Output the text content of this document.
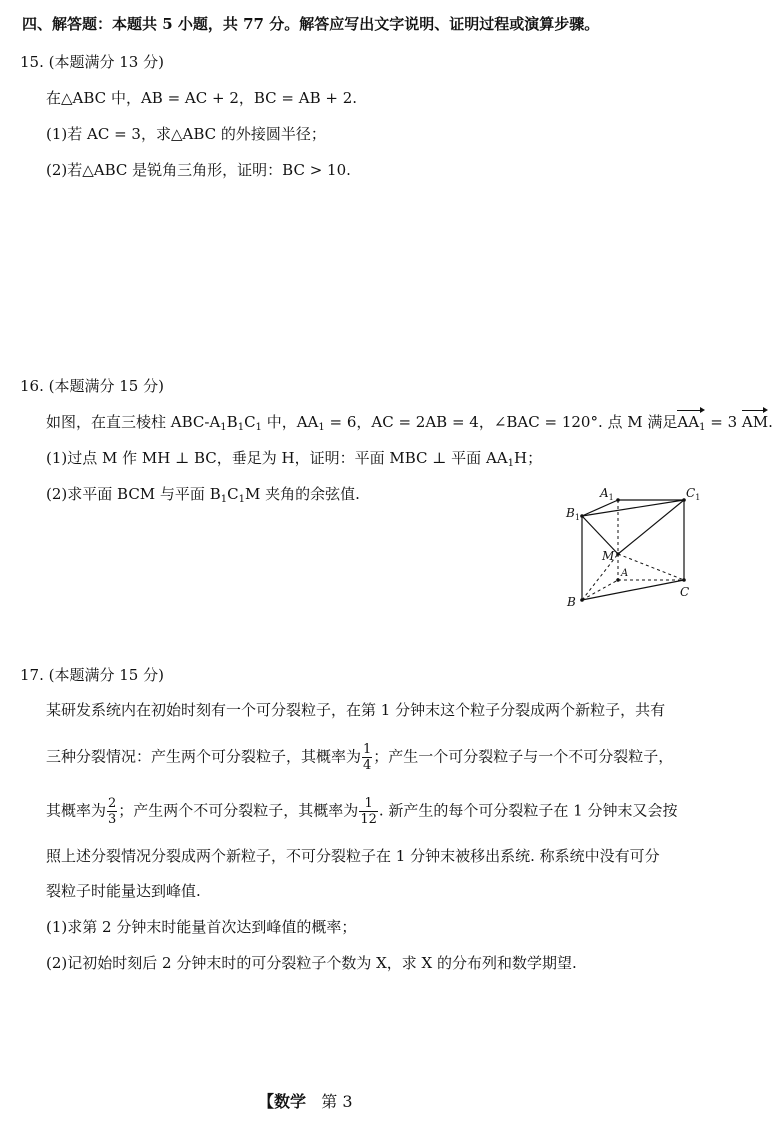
四、解答题：本题共 5 小题，共 77 分。解答应写出文字说明、证明过程或演算步骤。
15. (本题满分 13 分)
在△ABC 中，AB = AC + 2，BC = AB + 2.
(1)若 AC = 3，求△ABC 的外接圆半径；
(2)若△ABC 是锐角三角形，证明：BC > 10.
16. (本题满分 15 分)
如图，在直三棱柱 ABC-$A_1B_1C_1$ 中，$AA_1 = 6$，AC = 2AB = 4，∠BAC = 120°. 点 M 满足$AA_1 = 3$ AM.
(1)过点 M 作 MH ⊥ BC，垂足为 H，证明：平面 MBC ⊥ 平面 $AA_1H$；
(2)求平面 BCM 与平面 $B_1C_1M$ 夹角的余弦值.	$A_1$	$C_1$
$B_1$
M
A
B
C
17. (本题满分 15 分)
某研发系统内在初始时刻有一个可分裂粒子，在第 1 分钟末这个粒子分裂成两个新粒子，共有
三种分裂情况：产生两个可分裂粒子，其概率为 $\frac{1}{4}$ ；产生一个可分裂粒子与一个不可分裂粒子，
其概率为 $\frac{2}{3}$ ；产生两个不可分裂粒子，其概率为 $\frac{1}{12}$ . 新产生的每个可分裂粒子在 1 分钟末又会按
照上述分裂情况分裂成两个新粒子，不可分裂粒子在 1 分钟末被移出系统. 称系统中没有可分
裂粒子时能量达到峰值.
(1)求第 2 分钟末时能量首次达到峰值的概率；
(2)记初始时刻后 2 分钟末时的可分裂粒子个数为 X，求 X 的分布列和数学期望.
【数学 第 3
